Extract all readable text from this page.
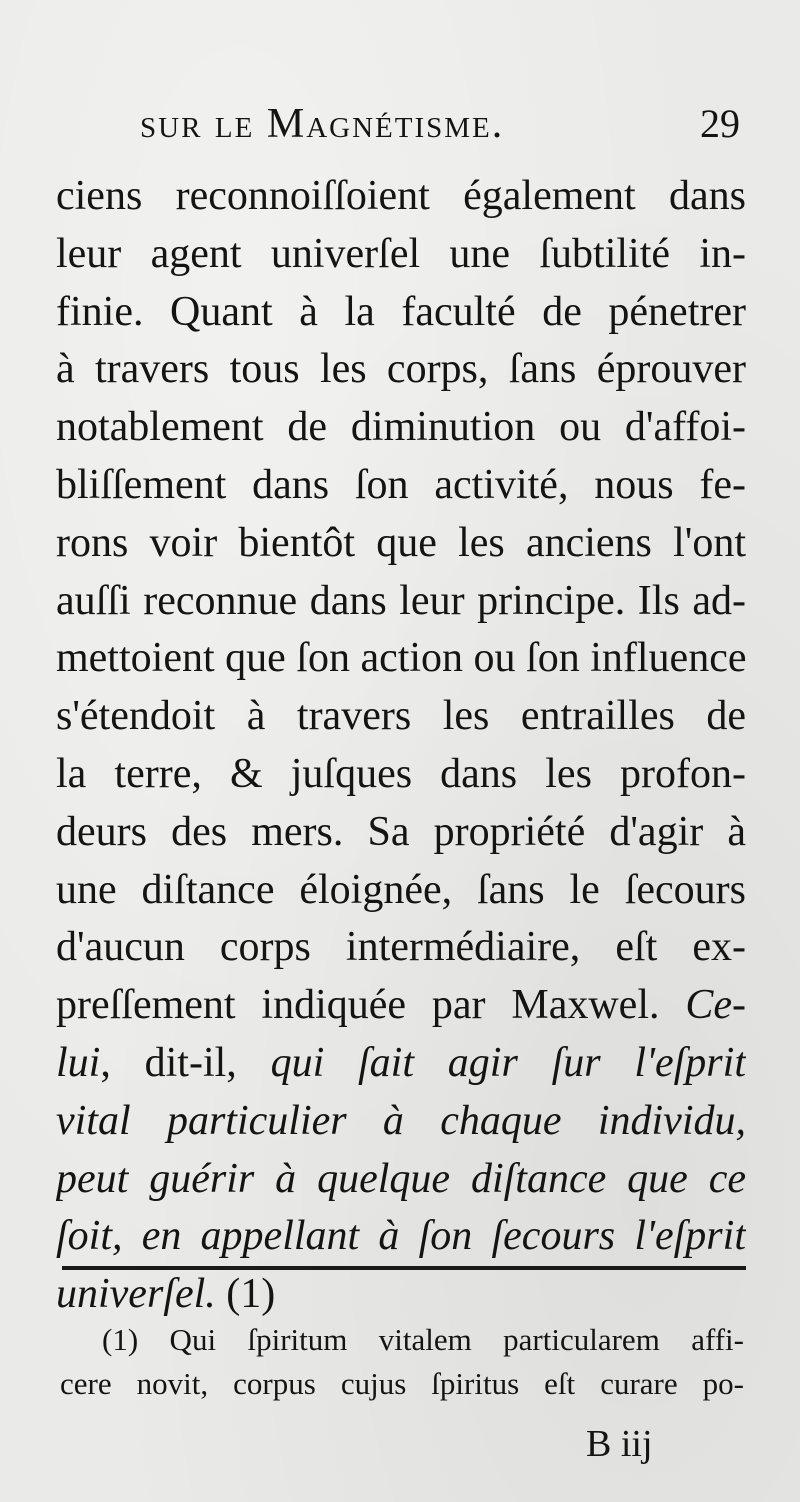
sur le Magnétisme.	29
ciens reconnoiſſoient également dans
leur agent univerſel une ſubtilité in-
finie. Quant à la faculté de pénetrer
à travers tous les corps, ſans éprouver
notablement de diminution ou d'affoi-
bliſſement dans ſon activité, nous fe-
rons voir bientôt que les anciens l'ont
auſſi reconnue dans leur principe. Ils ad-
mettoient que ſon action ou ſon influence
s'étendoit à travers les entrailles de
la terre, & juſques dans les profon-
deurs des mers. Sa propriété d'agir à
une diſtance éloignée, ſans le ſecours
d'aucun corps intermédiaire, eſt ex-
preſſement indiquée par Maxwel. Ce-
lui, dit-il, qui ſait agir ſur l'eſprit
vital particulier à chaque individu,
peut guérir à quelque diſtance que ce
ſoit, en appellant à ſon ſecours l'eſprit
univerſel. (1)
(1) Qui ſpiritum vitalem particularem affi-
cere novit, corpus cujus ſpiritus eſt curare po-
B iij
